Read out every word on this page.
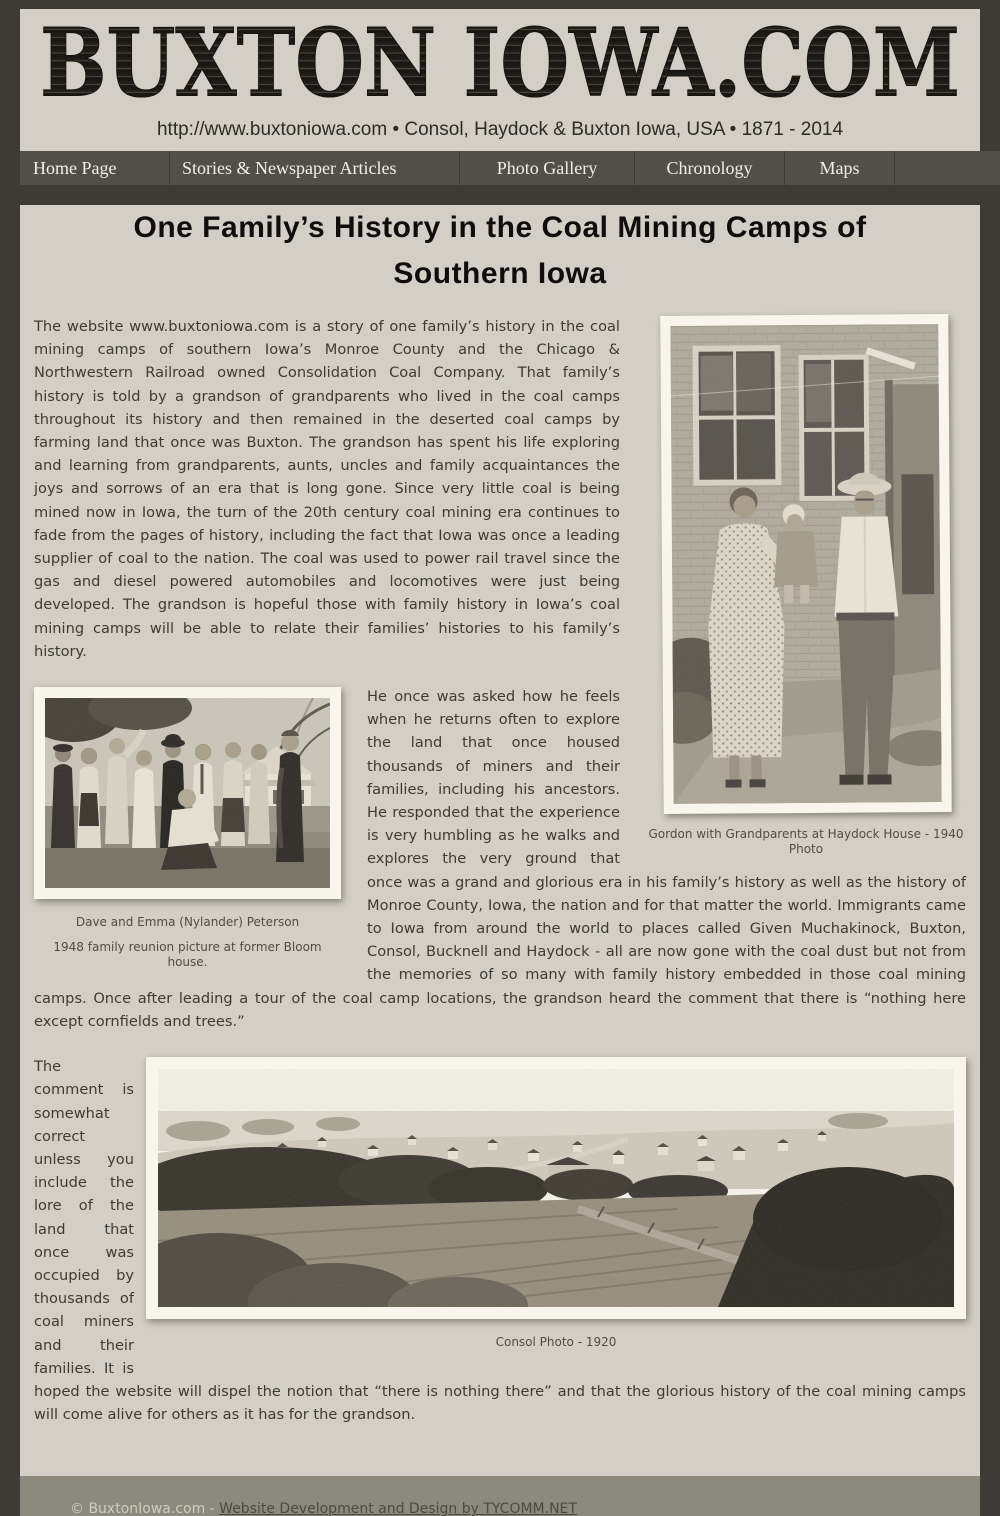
BUXTON IOWA.COM
http://www.buxtoniowa.com • Consol, Haydock & Buxton Iowa, USA • 1871 - 2014
Home Page	Stories & Newspaper Articles	Photo Gallery	Chronology	Maps
One Family’s History in the Coal Mining Camps of
Southern Iowa
Gordon with Grandparents at Haydock House - 1940 Photo

The website www.buxtoniowa.com is a story of one family’s history in the coal mining camps of southern Iowa’s Monroe County and the Chicago & Northwestern Railroad owned Consolidation Coal Company. That family’s history is told by a grandson of grandparents who lived in the coal camps throughout its history and then remained in the deserted coal camps by farming land that once was Buxton. The grandson has spent his life exploring and learning from grandparents, aunts, uncles and family acquaintances the joys and sorrows of an era that is long gone. Since very little coal is being mined now in Iowa, the turn of the 20th century coal mining era continues to fade from the pages of history, including the fact that Iowa was once a leading supplier of coal to the nation. The coal was used to power rail travel since the gas and diesel powered automobiles and locomotives were just being developed. The grandson is hopeful those with family history in Iowa’s coal mining camps will be able to relate their families’ histories to his family’s history.

Dave and Emma (Nylander) Peterson
1948 family reunion picture at former Bloom house.

He once was asked how he feels when he returns often to explore the land that once housed thousands of miners and their families, including his ancestors. He responded that the experience is very humbling as he walks and explores the very ground that once was a grand and glorious era in his family’s history as well as the history of Monroe County, Iowa, the nation and for that matter the world. Immigrants came to Iowa from around the world to places called Given Muchakinock, Buxton, Consol, Bucknell and Haydock - all are now gone with the coal dust but not from the memories of so many with family history embedded in those coal mining camps. Once after leading a tour of the coal camp locations, the grandson heard the comment that there is “nothing here except cornfields and trees.”

Consol Photo - 1920

The comment is somewhat correct unless you include the lore of the land that once was occupied by thousands of coal miners and their families. It is hoped the website will dispel the notion that “there is nothing there” and that the glorious history of the coal mining camps will come alive for others as it has for the grandson.

© BuxtonIowa.com - Website Development and Design by TYCOMM.NET
